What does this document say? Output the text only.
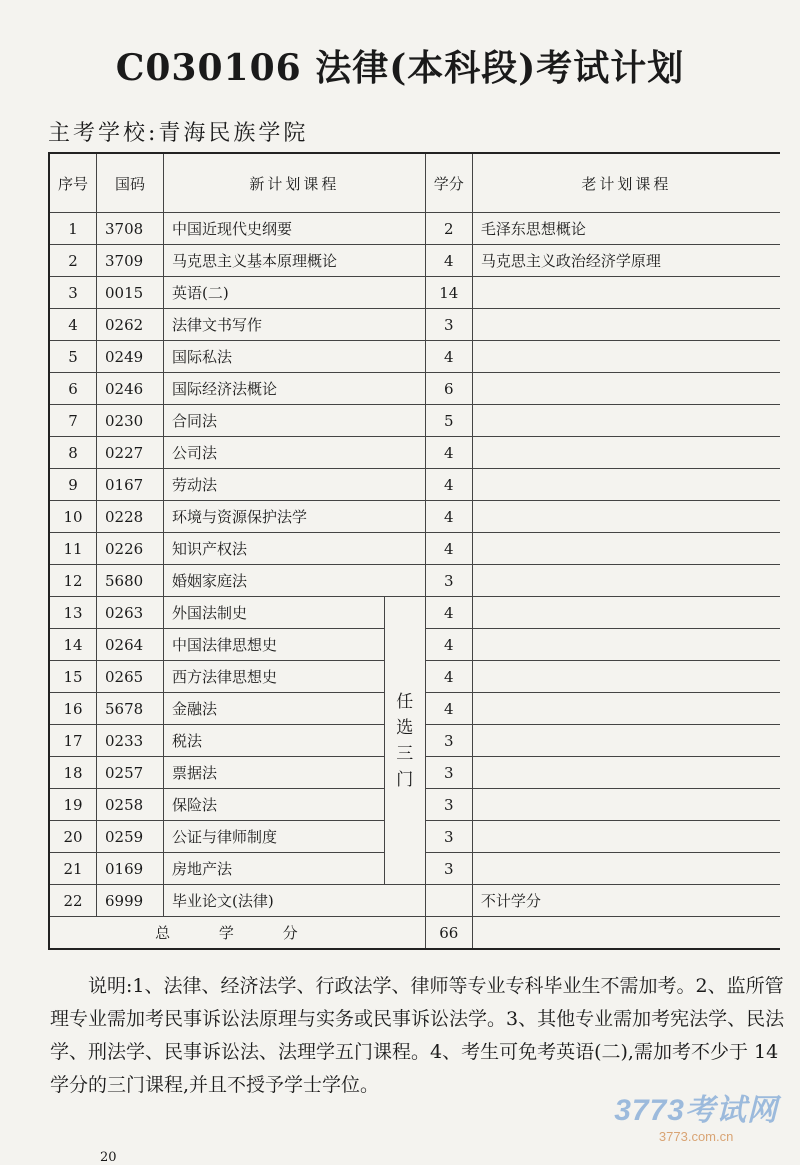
C030106 法律(本科段)考试计划
主考学校:青海民族学院
序号	国码	新计划课程		学分	老计划课程
1	3708	中国近现代史纲要		2	毛泽东思想概论
2	3709	马克思主义基本原理概论		4	马克思主义政治经济学原理
3	0015	英语(二)		14	
4	0262	法律文书写作		3	
5	0249	国际私法		4	
6	0246	国际经济法概论		6	
7	0230	合同法		5	
8	0227	公司法		4	
9	0167	劳动法		4	
10	0228	环境与资源保护法学		4	
11	0226	知识产权法		4	
12	5680	婚姻家庭法		3	
13	0263	外国法制史	任选三门	4	
14	0264	中国法律思想史		4	
15	0265	西方法律思想史		4	
16	5678	金融法		4	
17	0233	税法		3	
18	0257	票据法		3	
19	0258	保险法		3	
20	0259	公证与律师制度		3	
21	0169	房地产法		3	
22	6999	毕业论文(法律)			不计学分
总 学 分				66	

说明:1、法律、经济法学、行政法学、律师等专业专科毕业生不需加考。2、监所管理专业需加考民事诉讼法原理与实务或民事诉讼法学。3、其他专业需加考宪法学、民法学、刑法学、民事诉讼法、法理学五门课程。4、考生可免考英语(二),需加考不少于 14 学分的三门课程,并且不授予学士学位。

3773考试网
3773.com.cn
20
